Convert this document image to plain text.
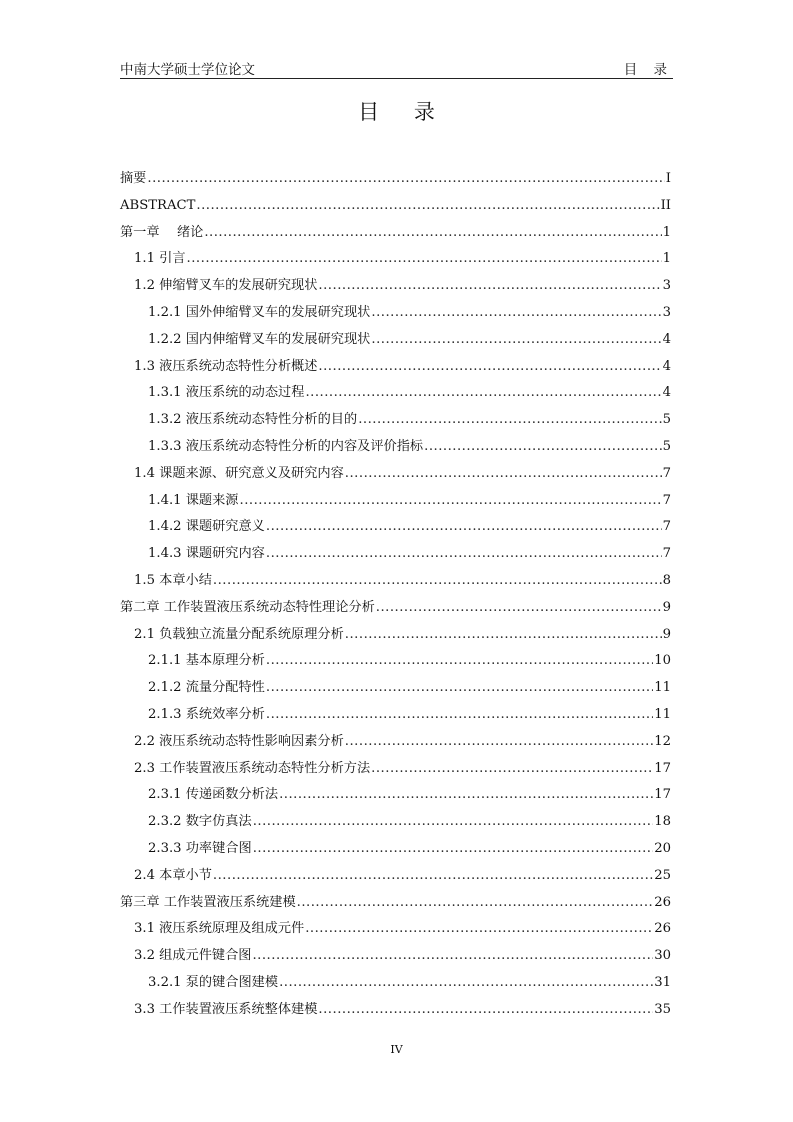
中南大学硕士学位论文	目 录
目 录
摘要 .....	I
ABSTRACT .....	II
第一章　 绪论 .....	1
1.1 引言 .....	1
1.2 伸缩臂叉车的发展研究现状 .....	3
1.2.1 国外伸缩臂叉车的发展研究现状 .....	3
1.2.2 国内伸缩臂叉车的发展研究现状 .....	4
1.3 液压系统动态特性分析概述 .....	4
1.3.1 液压系统的动态过程 .....	4
1.3.2 液压系统动态特性分析的目的 .....	5
1.3.3 液压系统动态特性分析的内容及评价指标 .....	5
1.4 课题来源、研究意义及研究内容 .....	7
1.4.1 课题来源 .....	7
1.4.2 课题研究意义 .....	7
1.4.3 课题研究内容 .....	7
1.5 本章小结 .....	8
第二章 工作装置液压系统动态特性理论分析 .....	9
2.1 负载独立流量分配系统原理分析 .....	9
2.1.1 基本原理分析 .....	10
2.1.2 流量分配特性 .....	11
2.1.3 系统效率分析 .....	11
2.2 液压系统动态特性影响因素分析 .....	12
2.3 工作装置液压系统动态特性分析方法 .....	17
2.3.1 传递函数分析法 .....	17
2.3.2 数字仿真法 .....	18
2.3.3 功率键合图 .....	20
2.4 本章小节 .....	25
第三章 工作装置液压系统建模 .....	26
3.1 液压系统原理及组成元件 .....	26
3.2 组成元件键合图 .....	30
3.2.1 泵的键合图建模 .....	31
3.3 工作装置液压系统整体建模 .....	35
IV
